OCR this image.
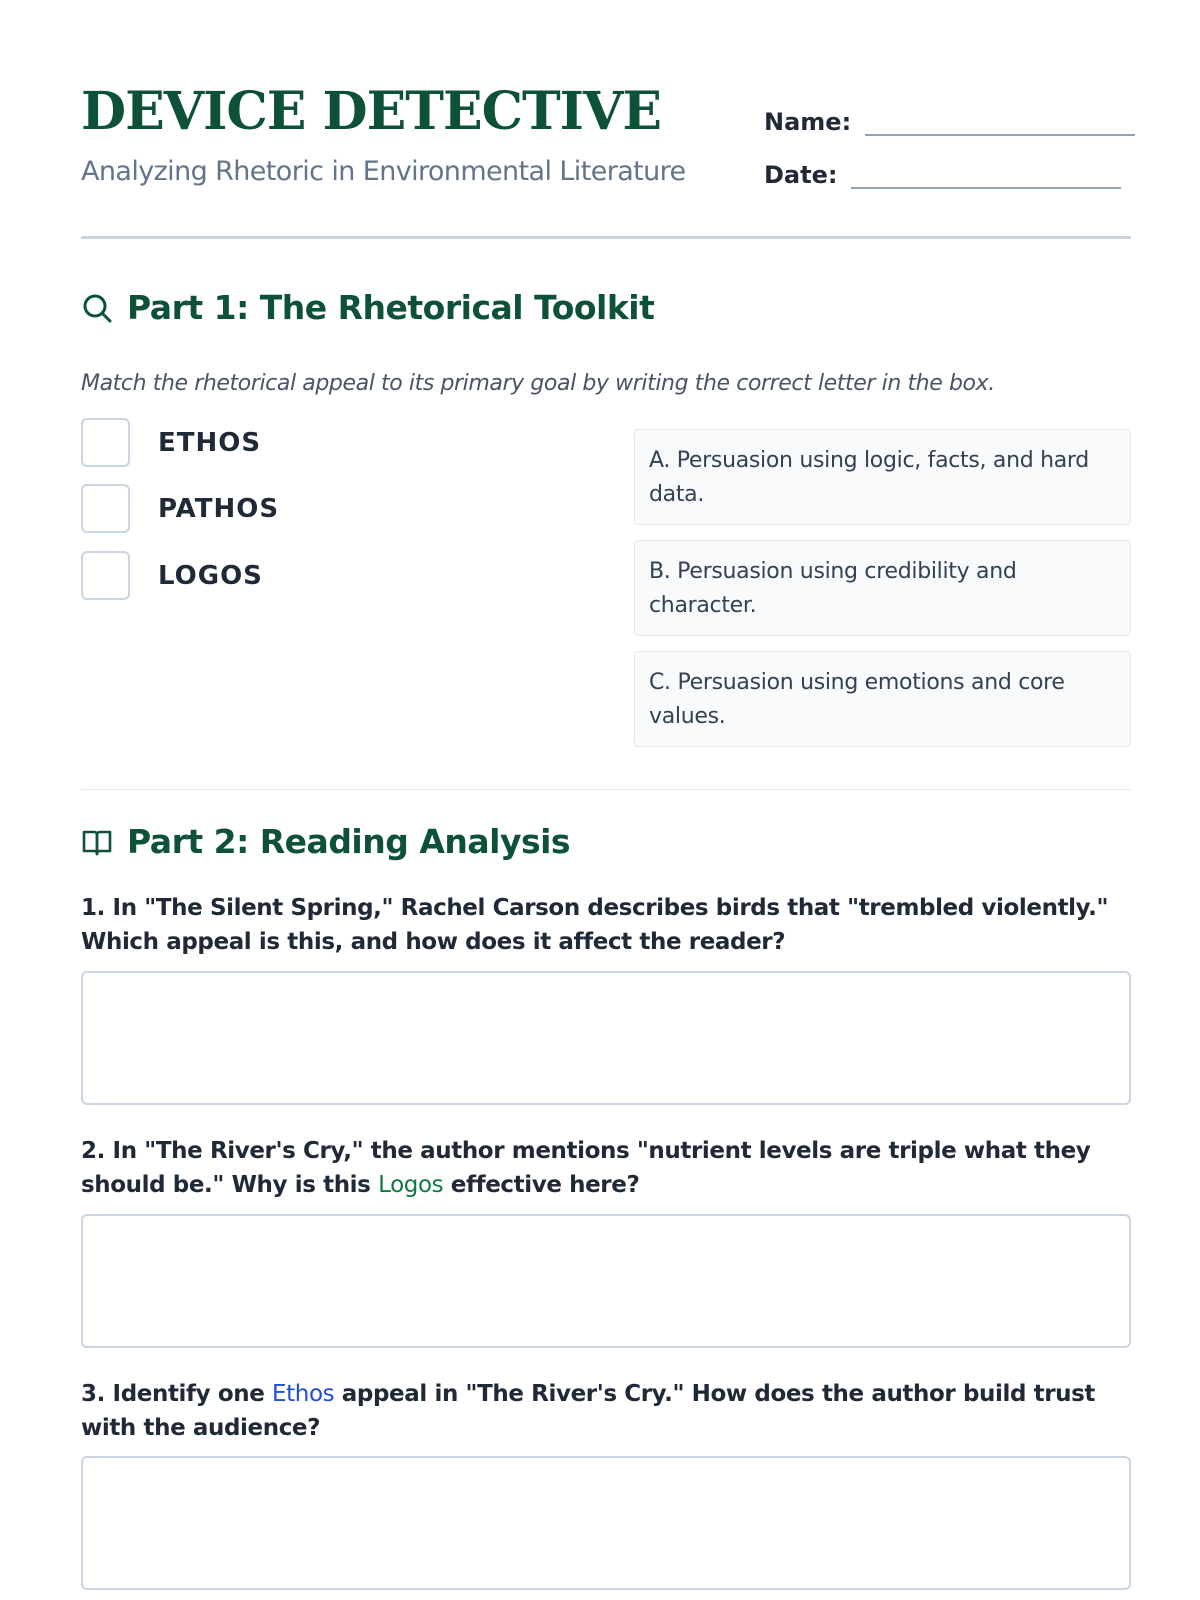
DEVICE DETECTIVE
Analyzing Rhetoric in Environmental Literature
Name:
Date:
Part 1: The Rhetorical Toolkit
Match the rhetorical appeal to its primary goal by writing the correct letter in the box.
ETHOS
PATHOS
LOGOS
A. Persuasion using logic, facts, and hard data.
B. Persuasion using credibility and character.
C. Persuasion using emotions and core values.
Part 2: Reading Analysis
1. In "The Silent Spring," Rachel Carson describes birds that "trembled violently." Which appeal is this, and how does it affect the reader?
2. In "The River's Cry," the author mentions "nutrient levels are triple what they should be." Why is this Logos effective here?
3. Identify one Ethos appeal in "The River's Cry." How does the author build trust with the audience?
